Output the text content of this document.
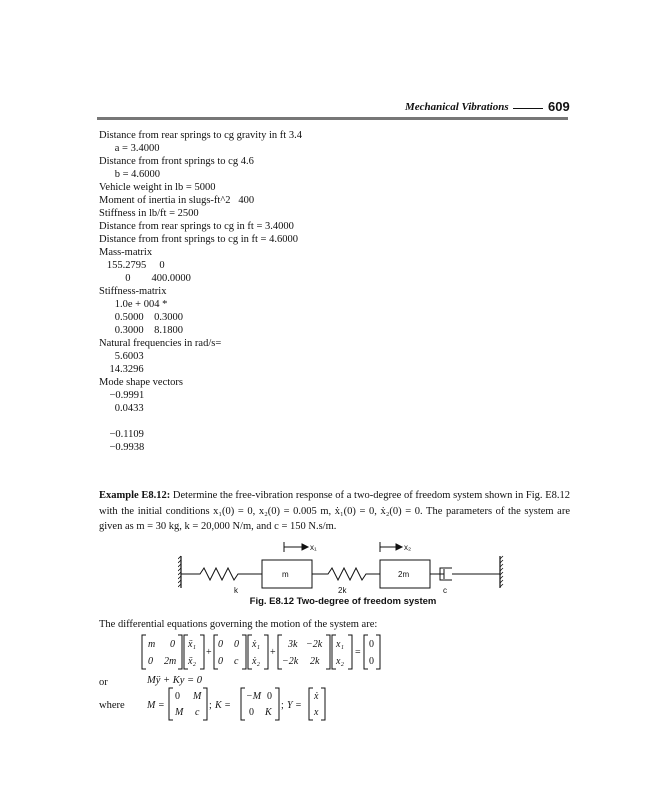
Mechanical Vibrations	609
Distance from rear springs to cg gravity in ft 3.4
a = 3.4000
Distance from front springs to cg 4.6
b = 4.6000
Vehicle weight in lb = 5000
Moment of inertia in slugs-ft^2   400
Stiffness in lb/ft = 2500
Distance from rear springs to cg in ft = 3.4000
Distance from front springs to cg in ft = 4.6000
Mass-matrix
155.2795     0
0        400.0000
Stiffness-matrix
1.0e + 004 *
0.5000    0.3000
0.3000    8.1800
Natural frequencies in rad/s=
5.6003
14.3296
Mode shape vectors
−0.9991
0.0433
−0.1109
−0.9938
Example E8.12: Determine the free-vibration response of a two-degree of freedom system shown in Fig. E8.12 with the initial conditions x₁(0) = 0, x₂(0) = 0.005 m, ẋ₁(0) = 0, ẋ₂(0) = 0. The parameters of the system are given as m = 30 kg, k = 20,000 N/m, and c = 150 N.s/m.
x₁	x₂
m	2m
k	2k	c
Fig. E8.12 Two-degree of freedom system
The differential equations governing the motion of the system are:
m 0
0 2m
ẍ₁
ẍ₂
+
0 0
0 c
ẋ₁
ẋ₂
+
3k −2k
−2k 2k
x₁
x₂
=
0
0
or	Mÿ + Ky = 0
where M =
0 M
M c
; K =
−M 0
0 K
; Y =
ẋ
x
